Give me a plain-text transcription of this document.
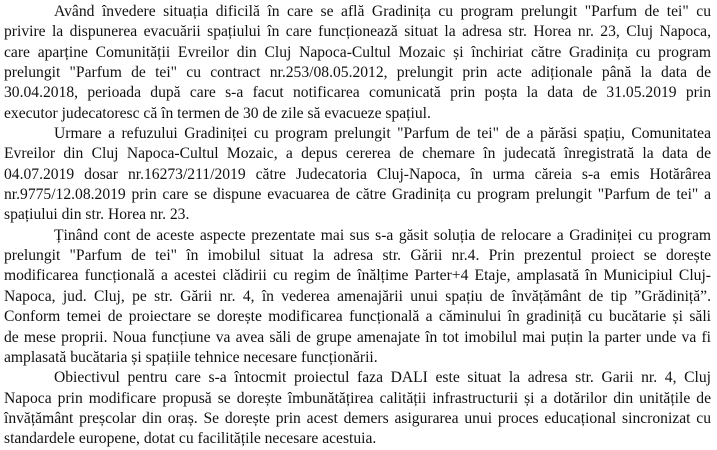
Având învedere situația dificilă în care se află Gradinița cu program prelungit "Parfum de tei" cu
privire la dispunerea evacuării spațiului în care funcționează situat la adresa str. Horea nr. 23, Cluj Napoca,
care aparține Comunității Evreilor din Cluj Napoca-Cultul Mozaic și închiriat către Gradinița cu program
prelungit "Parfum de tei" cu contract nr.253/08.05.2012, prelungit prin acte adiționale până la data de
30.04.2018, perioada după care s-a facut notificarea comunicată prin poșta la data de 31.05.2019 prin
executor judecatoresc că în termen de 30 de zile să evacueze spațiul.
Urmare a refuzului Gradiniței cu program prelungit "Parfum de tei" de a părăsi spațiu, Comunitatea
Evreilor din Cluj Napoca-Cultul Mozaic, a depus cererea de chemare în judecată înregistrată la data de
04.07.2019 dosar nr.16273/211/2019 către Judecatoria Cluj-Napoca, în urma căreia s-a emis Hotărârea
nr.9775/12.08.2019 prin care se dispune evacuarea de către Gradinița cu program prelungit "Parfum de tei" a
spațiului din str. Horea nr. 23.
Ținând cont de aceste aspecte prezentate mai sus s-a găsit soluția de relocare a Gradiniței cu program
prelungit "Parfum de tei" în imobilul situat la adresa str. Gării nr.4. Prin prezentul proiect se dorește
modificarea funcțională a acestei clădirii cu regim de înălțime Parter+4 Etaje, amplasată în Municipiul Cluj-
Napoca, jud. Cluj, pe str. Gării nr. 4, în vederea amenajării unui spațiu de învățământ de tip ”Grădiniță”.
Conform temei de proiectare se dorește modificarea funcțională a căminului în gradiniță cu bucătarie și săli
de mese proprii. Noua funcțiune va avea săli de grupe amenajate în tot imobilul mai puțin la parter unde va fi
amplasată bucătaria și spațiile tehnice necesare funcționării.
Obiectivul pentru care s-a întocmit proiectul faza DALI este situat la adresa str. Garii nr. 4, Cluj
Napoca prin modificare propusă se dorește îmbunătățirea calității infrastructurii și a dotărilor din unitățile de
învățământ preșcolar din oraș. Se dorește prin acest demers asigurarea unui proces educațional sincronizat cu
standardele europene, dotat cu facilitățile necesare acestuia.
